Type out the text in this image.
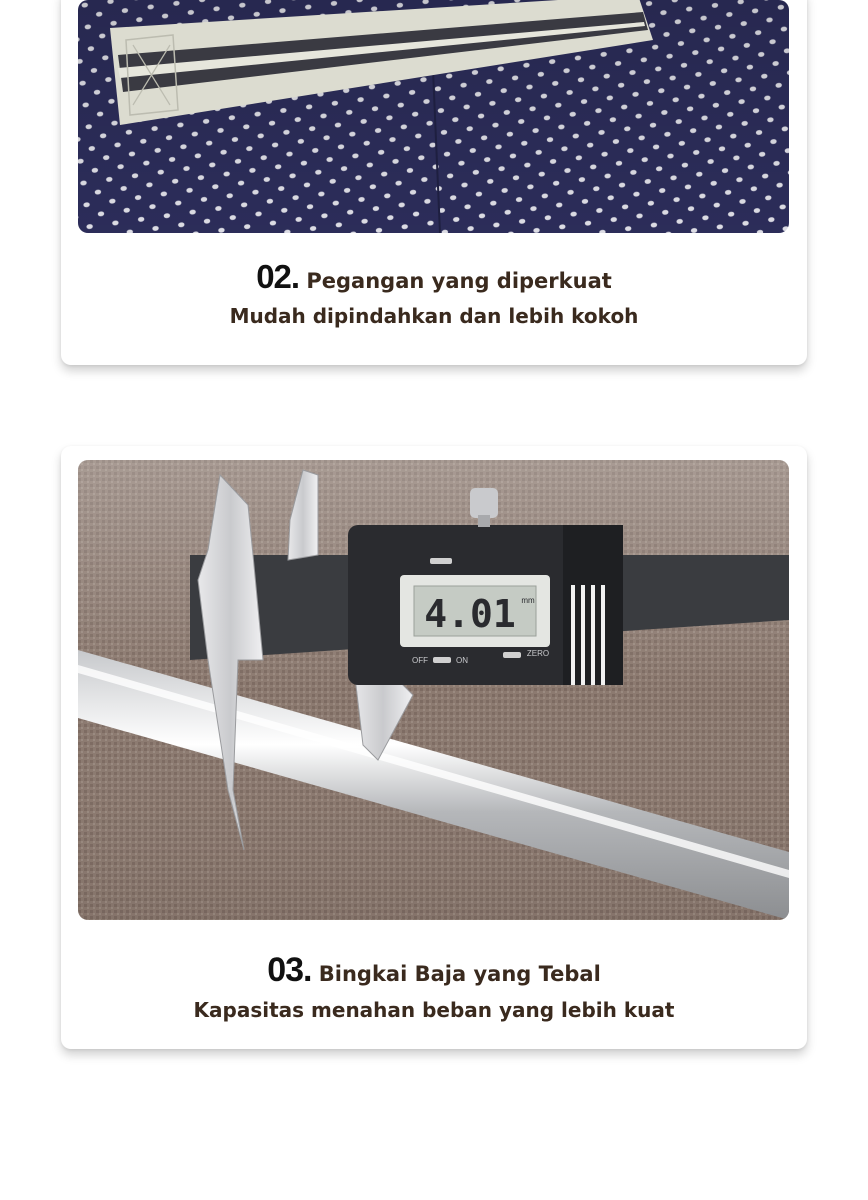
02. Pegangan yang diperkuat
Mudah dipindahkan dan lebih kokoh
4.01 mm
OFF	ON
ZERO
03. Bingkai Baja yang Tebal
Kapasitas menahan beban yang lebih kuat
